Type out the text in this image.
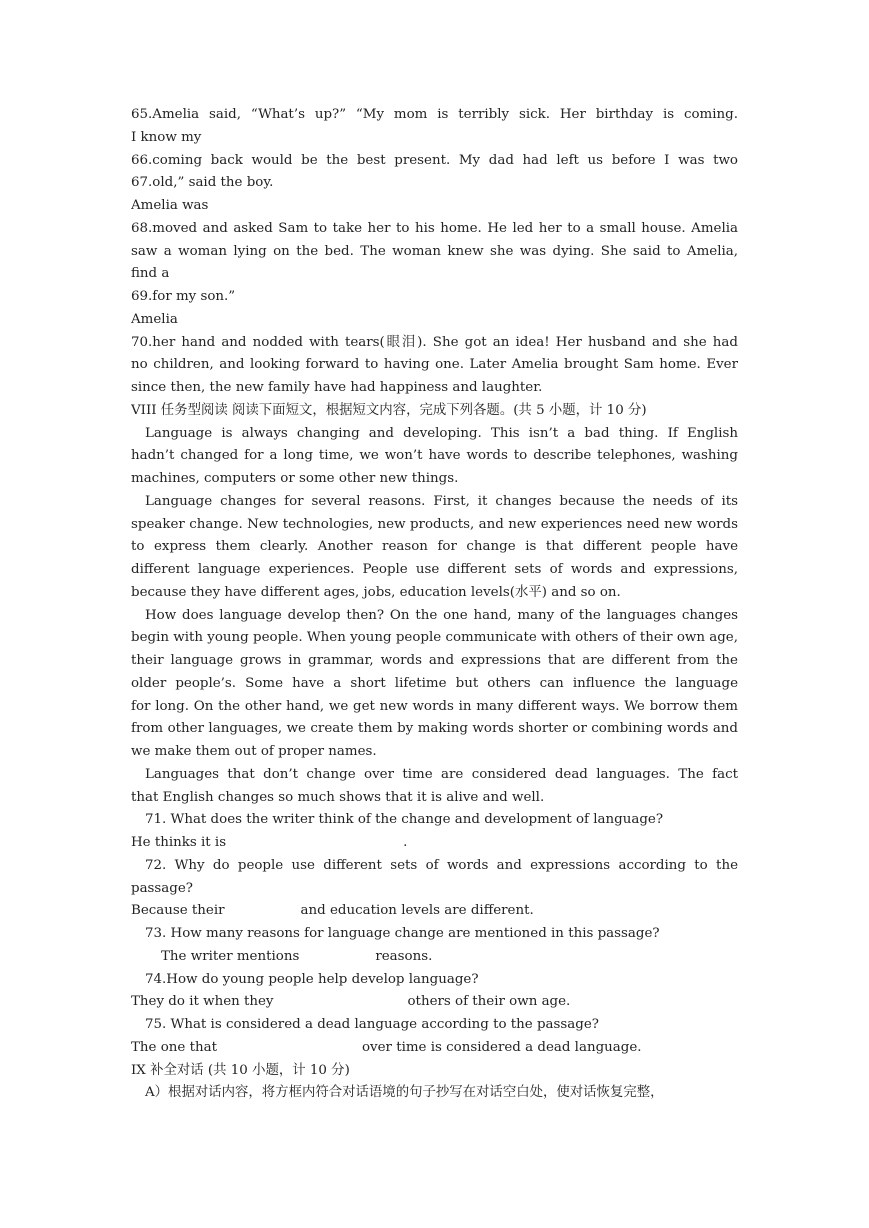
65.Amelia said, “What’s up?” “My mom is terribly sick. Her birthday is coming.
I know my
66.coming back would be the best present. My dad had left us before I was two
67.old,” said the boy.
Amelia was
68.moved and asked Sam to take her to his home. He led her to a small house. Amelia
saw a woman lying on the bed. The woman knew she was dying. She said to Amelia,
find a
69.for my son.”
Amelia
70.her hand and nodded with tears(眼泪). She got an idea! Her husband and she had
no children, and looking forward to having one. Later Amelia brought Sam home. Ever
since then, the new family have had happiness and laughter.
VIII 任务型阅读 阅读下面短文，根据短文内容，完成下列各题。(共 5 小题，计 10 分)
Language is always changing and developing. This isn’t a bad thing. If English
hadn’t changed for a long time, we won’t have words to describe telephones, washing
machines, computers or some other new things.
Language changes for several reasons. First, it changes because the needs of its
speaker change. New technologies, new products, and new experiences need new words
to express them clearly. Another reason for change is that different people have
different language experiences. People use different sets of words and expressions,
because they have different ages, jobs, education levels(水平) and so on.
How does language develop then? On the one hand, many of the languages changes
begin with young people. When young people communicate with others of their own age,
their language grows in grammar, words and expressions that are different from the
older people’s. Some have a short lifetime but others can influence the language
for long. On the other hand, we get new words in many different ways. We borrow them
from other languages, we create them by making words shorter or combining words and
we make them out of proper names.
Languages that don’t change over time are considered dead languages. The fact
that English changes so much shows that it is alive and well.
71. What does the writer think of the change and development of language?
He thinks it is	.
72. Why do people use different sets of words and expressions according to the
passage?
Because their	and education levels are different.
73. How many reasons for language change are mentioned in this passage?
The writer mentions	reasons.
74.How do young people help develop language?
They do it when they	others of their own age.
75. What is considered a dead language according to the passage?
The one that	over time is considered a dead language.
IX 补全对话 (共 10 小题，计 10 分)
A）根据对话内容，将方框内符合对话语境的句子抄写在对话空白处，使对话恢复完整，
